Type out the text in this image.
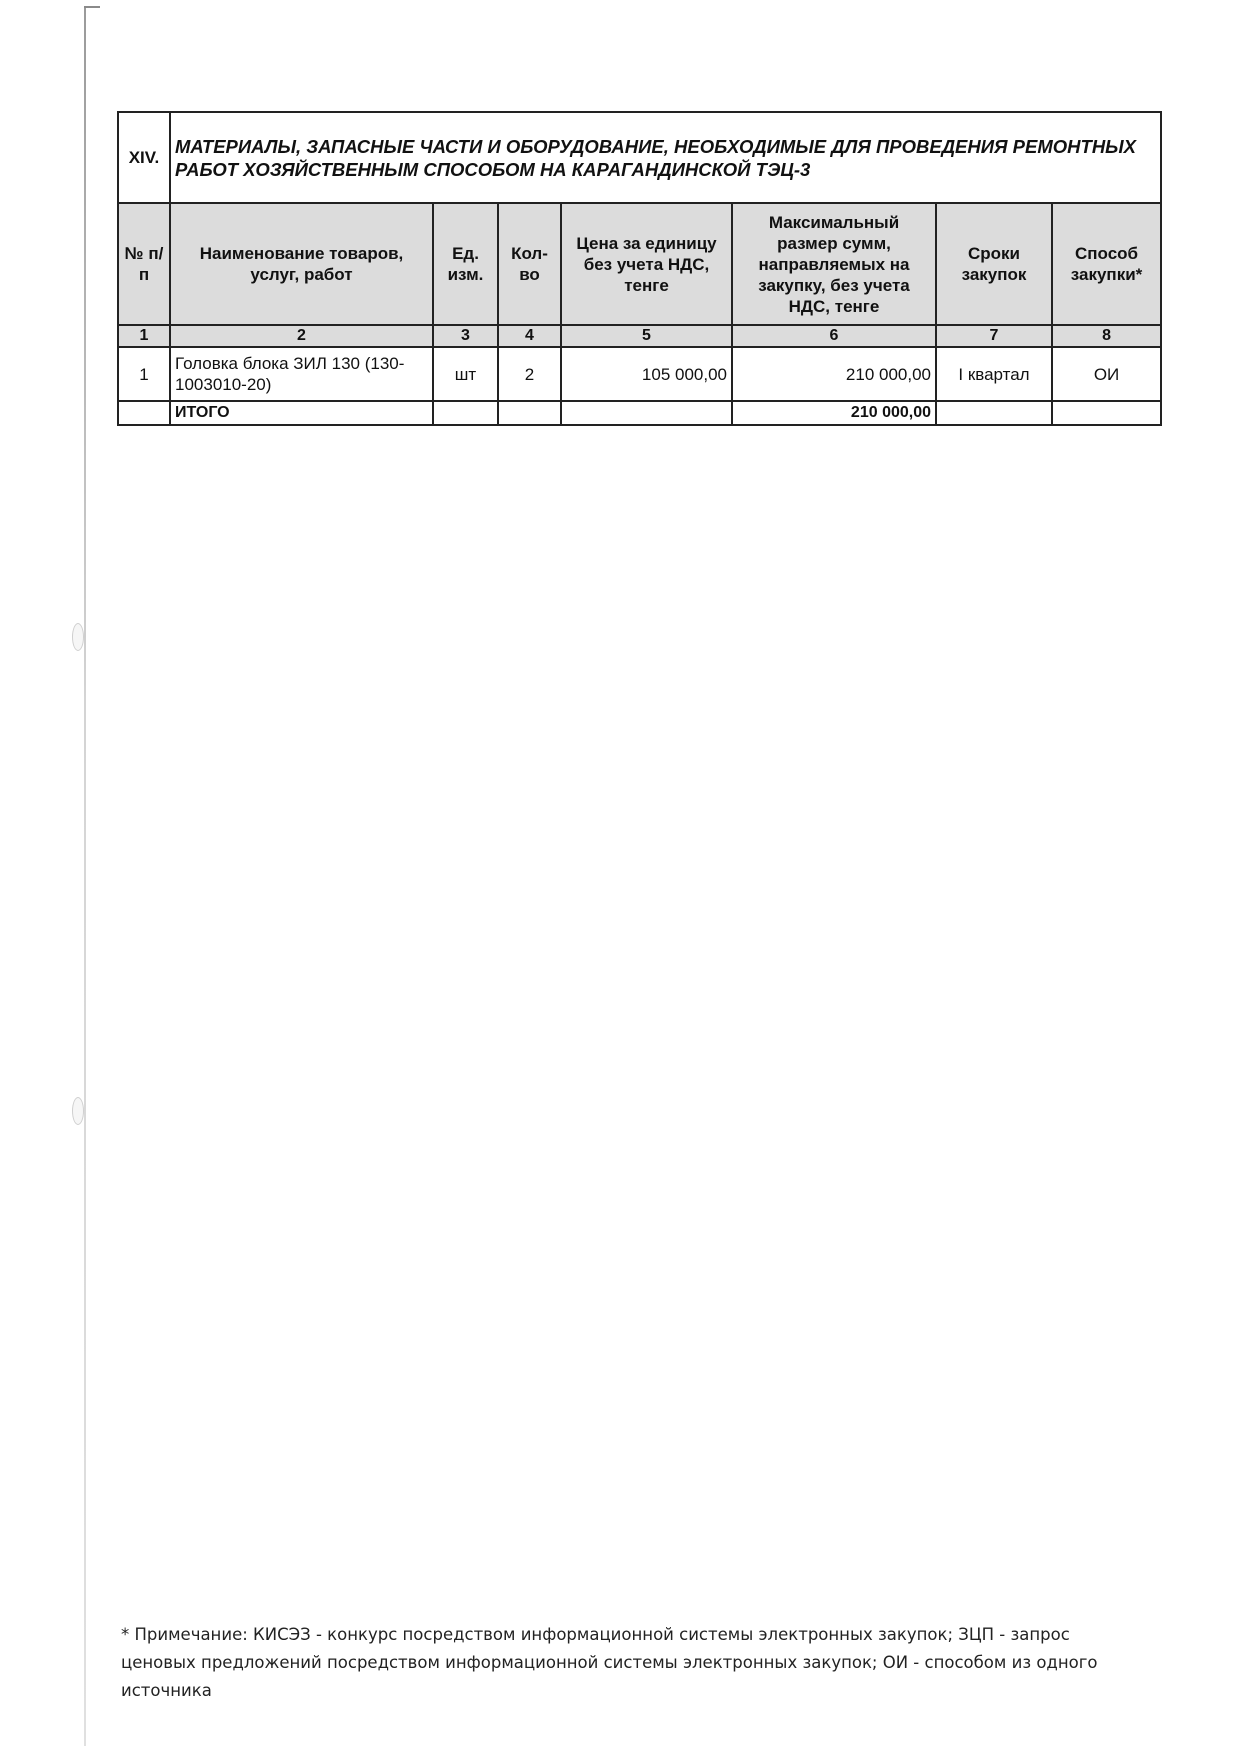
XIV.	МАТЕРИАЛЫ, ЗАПАСНЫЕ ЧАСТИ И ОБОРУДОВАНИЕ, НЕОБХОДИМЫЕ ДЛЯ ПРОВЕДЕНИЯ РЕМОНТНЫХ РАБОТ ХОЗЯЙСТВЕННЫМ СПОСОБОМ НА КАРАГАНДИНСКОЙ ТЭЦ-3						
№ п/п	Наименование товаров, услуг, работ	Ед. изм.	Кол-во	Цена за единицу без учета НДС, тенге	Максимальный размер сумм, направляемых на закупку, без учета НДС, тенге	Сроки закупок	Способ закупки*
1	2	3	4	5	6	7	8
1	Головка блока ЗИЛ 130 (130-1003010-20)	шт	2	105 000,00	210 000,00	I квартал	ОИ
	ИТОГО				210 000,00		
* Примечание: КИСЭЗ - конкурс посредством информационной системы электронных закупок; ЗЦП - запрос ценовых предложений посредством информационной системы электронных закупок; ОИ - способом из одного источника
